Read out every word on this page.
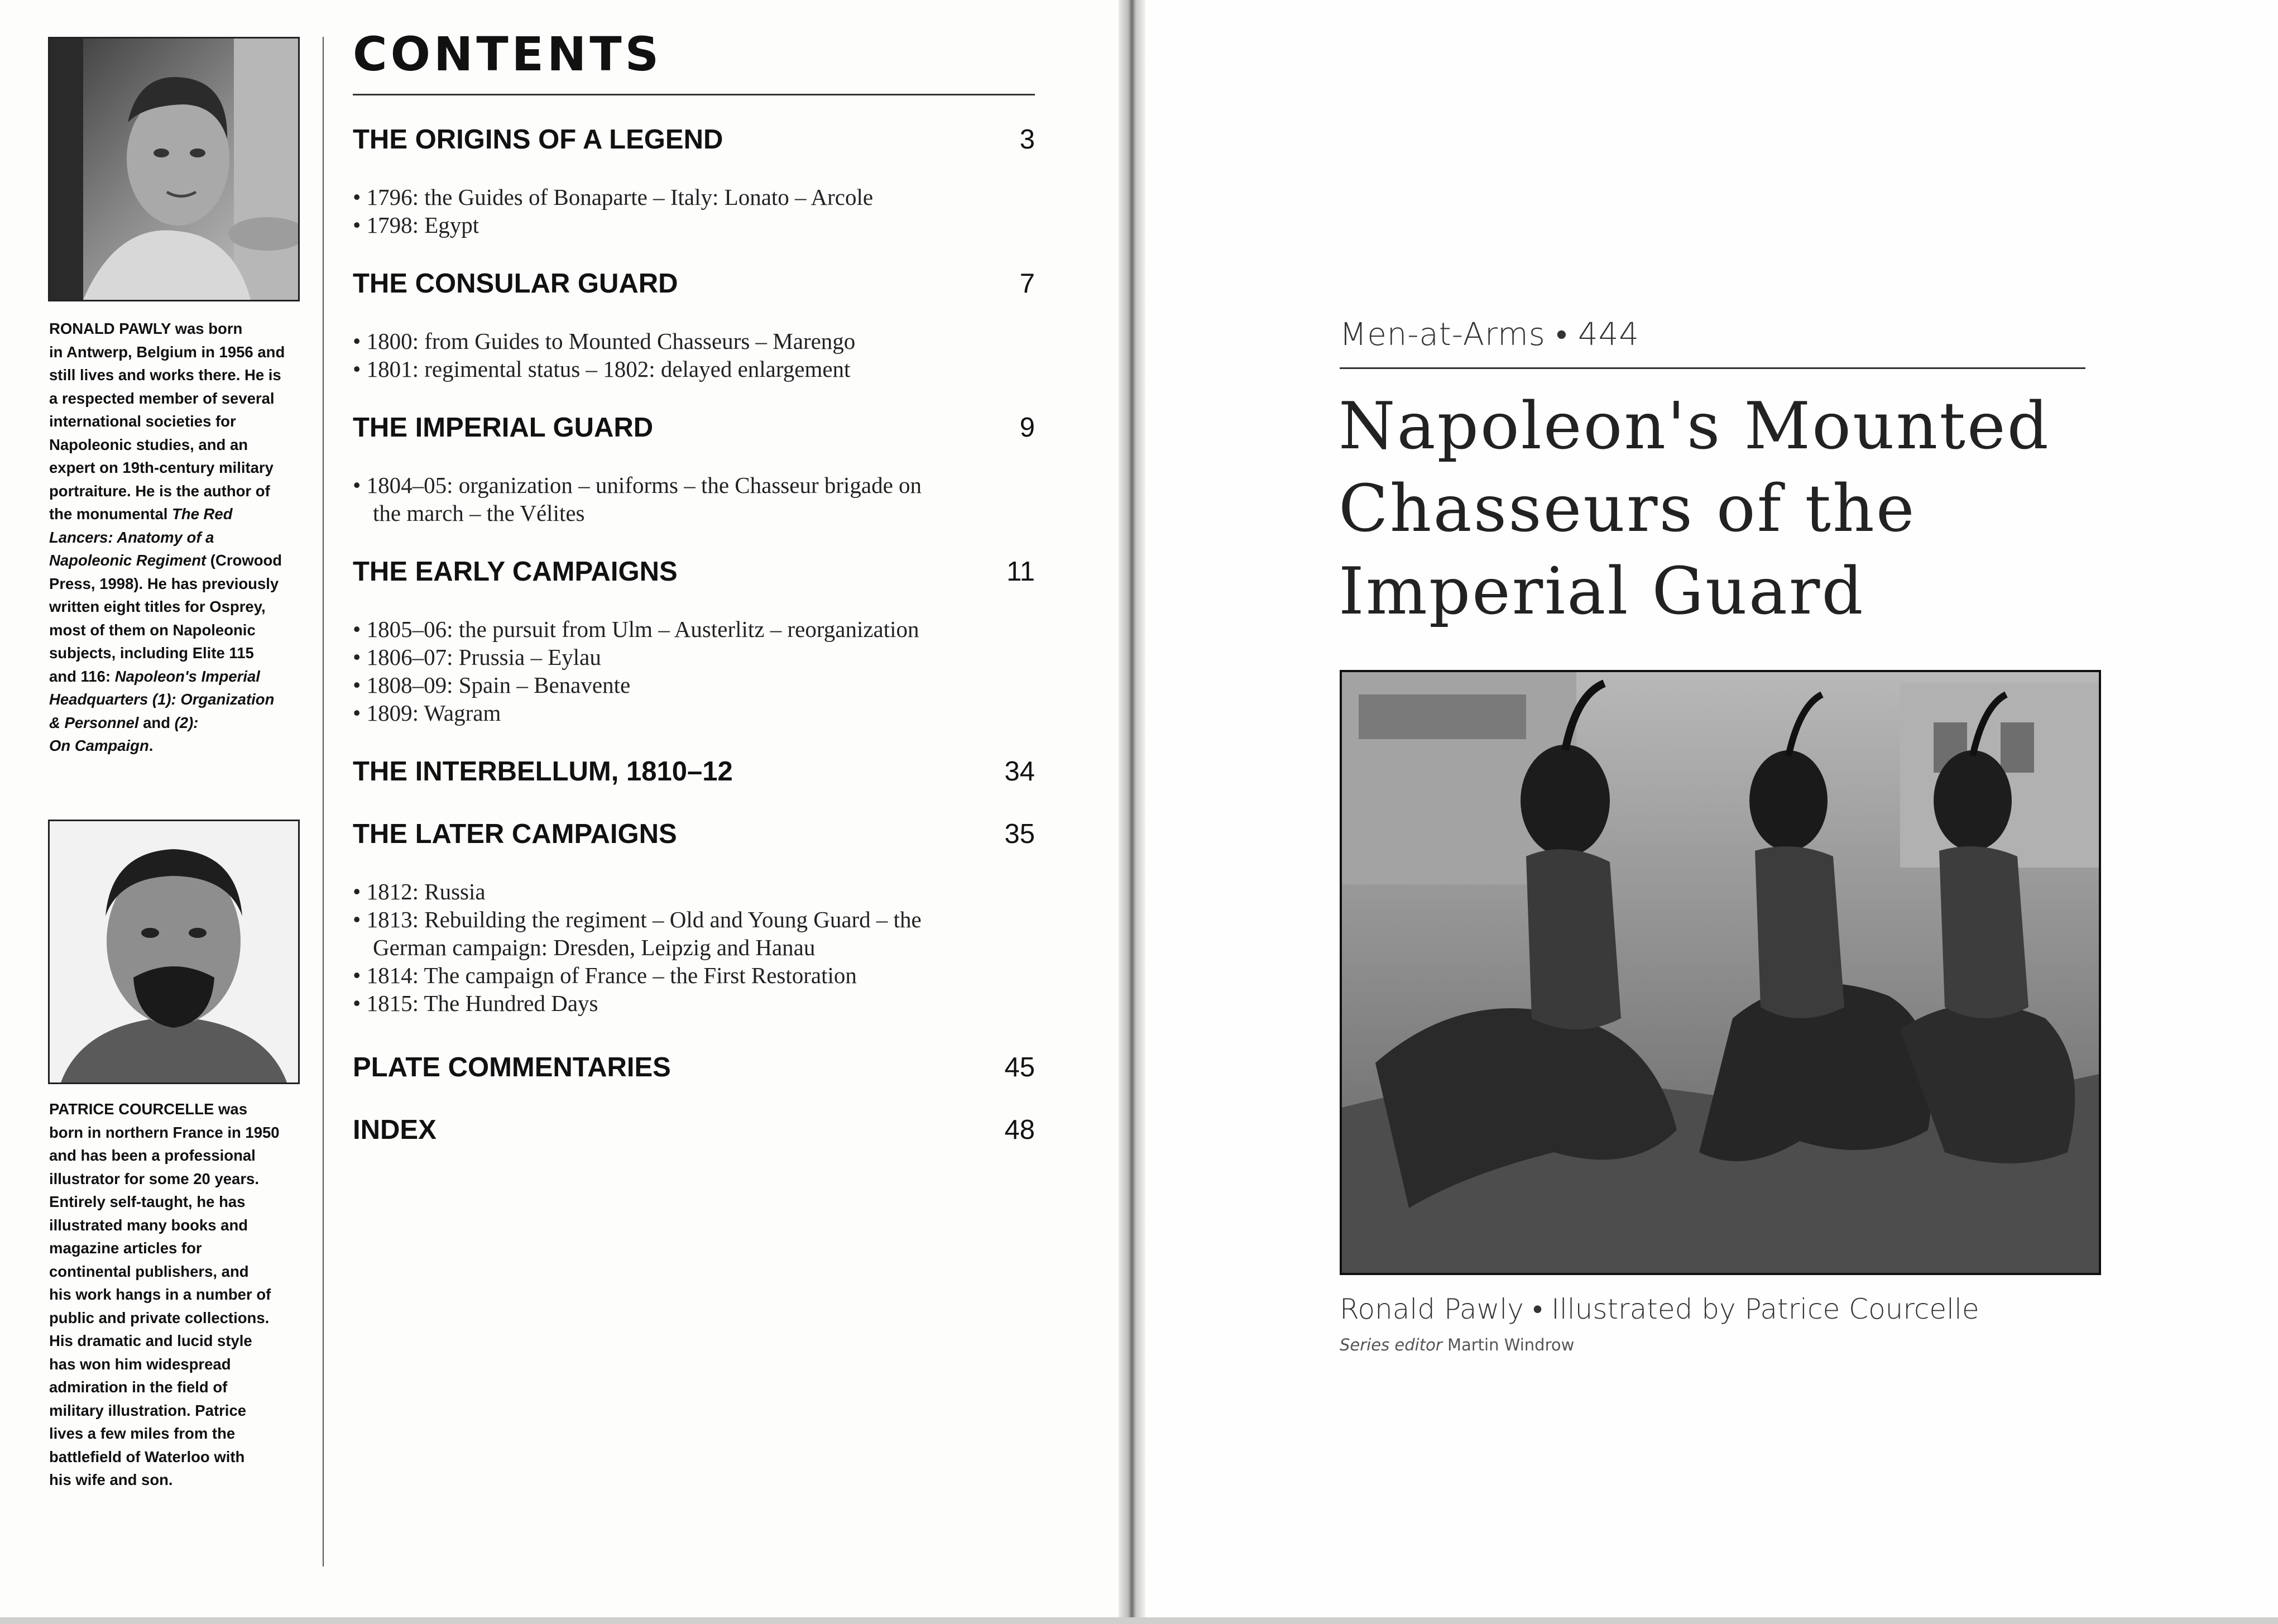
RONALD PAWLY was born
in Antwerp, Belgium in 1956 and
still lives and works there. He is
a respected member of several
international societies for
Napoleonic studies, and an
expert on 19th-century military
portraiture. He is the author of
the monumental The Red
Lancers: Anatomy of a
Napoleonic Regiment (Crowood
Press, 1998). He has previously
written eight titles for Osprey,
most of them on Napoleonic
subjects, including Elite 115
and 116: Napoleon's Imperial
Headquarters (1): Organization
& Personnel and (2):
On Campaign.
PATRICE COURCELLE was
born in northern France in 1950
and has been a professional
illustrator for some 20 years.
Entirely self-taught, he has
illustrated many books and
magazine articles for
continental publishers, and
his work hangs in a number of
public and private collections.
His dramatic and lucid style
has won him widespread
admiration in the field of
military illustration. Patrice
lives a few miles from the
battlefield of Waterloo with
his wife and son.
CONTENTS
THE ORIGINS OF A LEGEND	3
• 1796: the Guides of Bonaparte – Italy: Lonato – Arcole
• 1798: Egypt
THE CONSULAR GUARD	7
• 1800: from Guides to Mounted Chasseurs – Marengo
• 1801: regimental status – 1802: delayed enlargement
THE IMPERIAL GUARD	9
• 1804–05: organization – uniforms – the Chasseur brigade on
the march – the Vélites
THE EARLY CAMPAIGNS	11
• 1805–06: the pursuit from Ulm – Austerlitz – reorganization
• 1806–07: Prussia – Eylau
• 1808–09: Spain – Benavente
• 1809: Wagram
THE INTERBELLUM, 1810–12	34
THE LATER CAMPAIGNS	35
• 1812: Russia
• 1813: Rebuilding the regiment – Old and Young Guard – the
German campaign: Dresden, Leipzig and Hanau
• 1814: The campaign of France – the First Restoration
• 1815: The Hundred Days
PLATE COMMENTARIES	45
INDEX	48
Men-at-Arms • 444
Napoleon's Mounted
Chasseurs of the
Imperial Guard
Ronald Pawly • Illustrated by Patrice Courcelle
Series editor Martin Windrow
